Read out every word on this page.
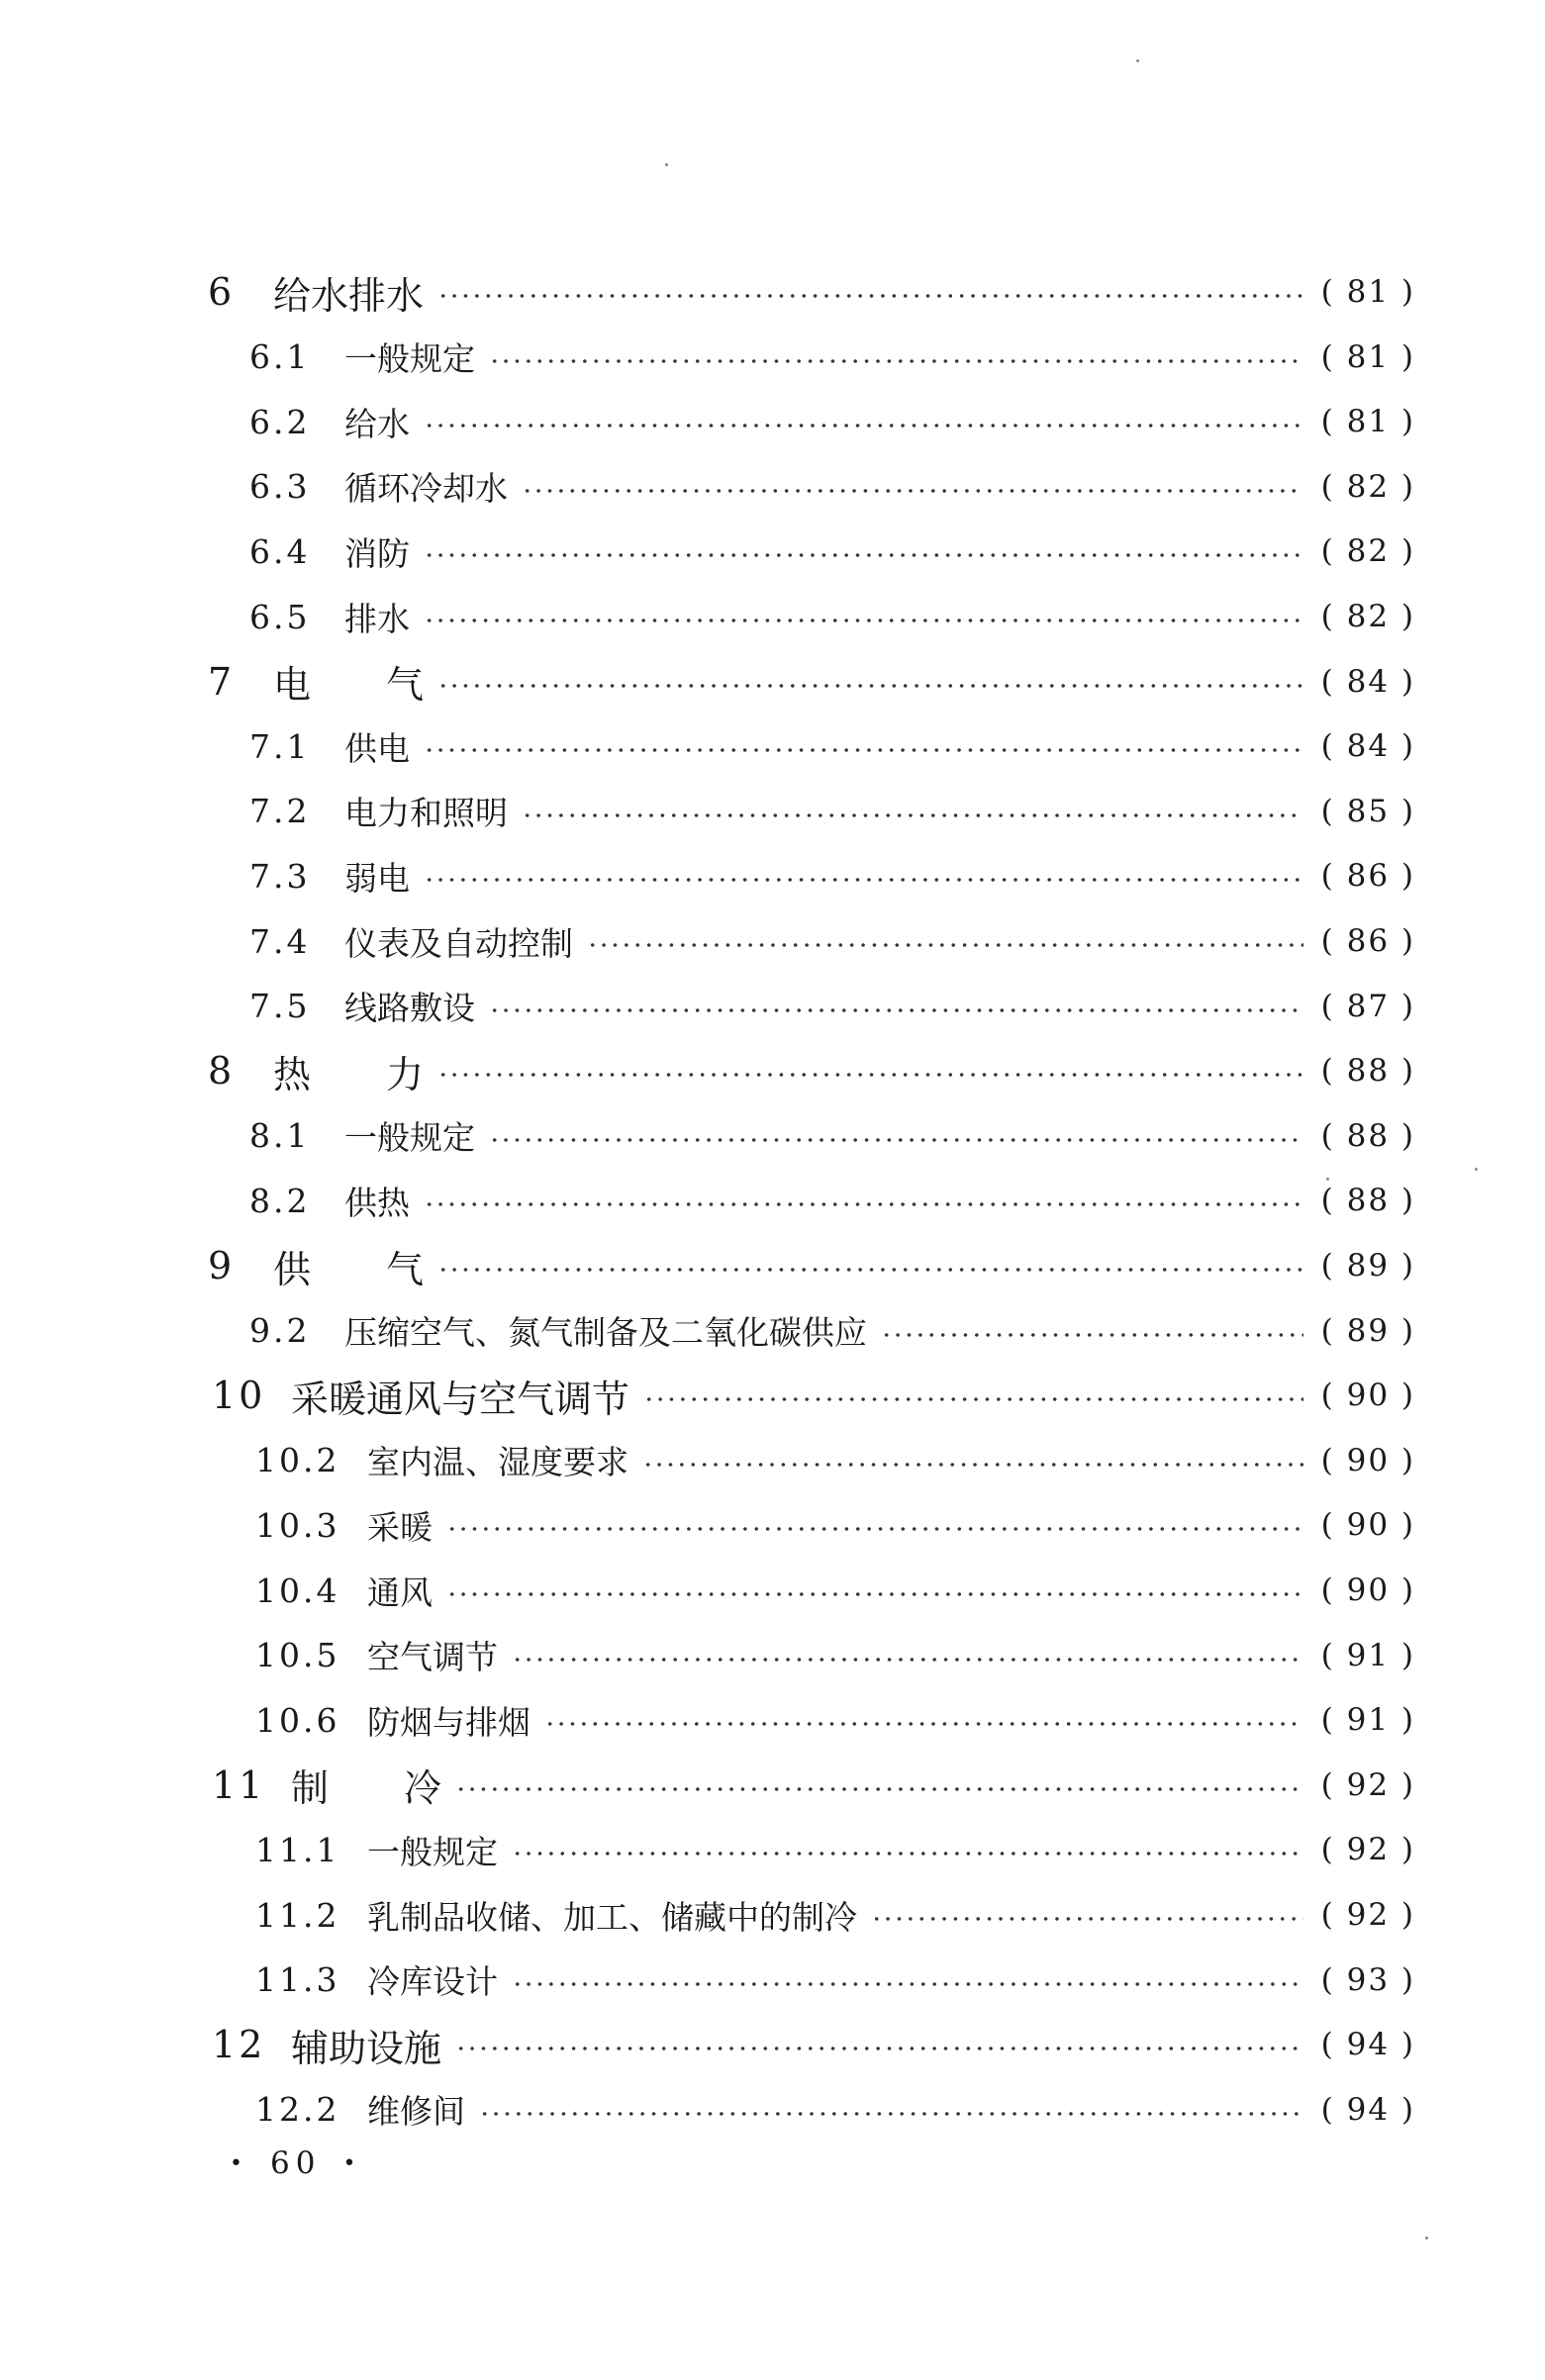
6	给水排水	( 81 )
6.1	一般规定	( 81 )
6.2	给水	( 81 )
6.3	循环冷却水	( 82 )
6.4	消防	( 82 )
6.5	排水	( 82 )
7	电　　气	( 84 )
7.1	供电	( 84 )
7.2	电力和照明	( 85 )
7.3	弱电	( 86 )
7.4	仪表及自动控制	( 86 )
7.5	线路敷设	( 87 )
8	热　　力	( 88 )
8.1	一般规定	( 88 )
8.2	供热	( 88 )
9	供　　气	( 89 )
9.2	压缩空气、氮气制备及二氧化碳供应	( 89 )
10 采暖通风与空气调节	( 90 )
10.2 室内温、湿度要求	( 90 )
10.3 采暖	( 90 )
10.4 通风	( 90 )
10.5 空气调节	( 91 )
10.6 防烟与排烟	( 91 )
11 制　　冷	( 92 )
11.1 一般规定	( 92 )
11.2 乳制品收储、加工、储藏中的制冷	( 92 )
11.3 冷库设计	( 93 )
12 辅助设施	( 94 )
12.2 维修间	( 94 )
• 60 •
